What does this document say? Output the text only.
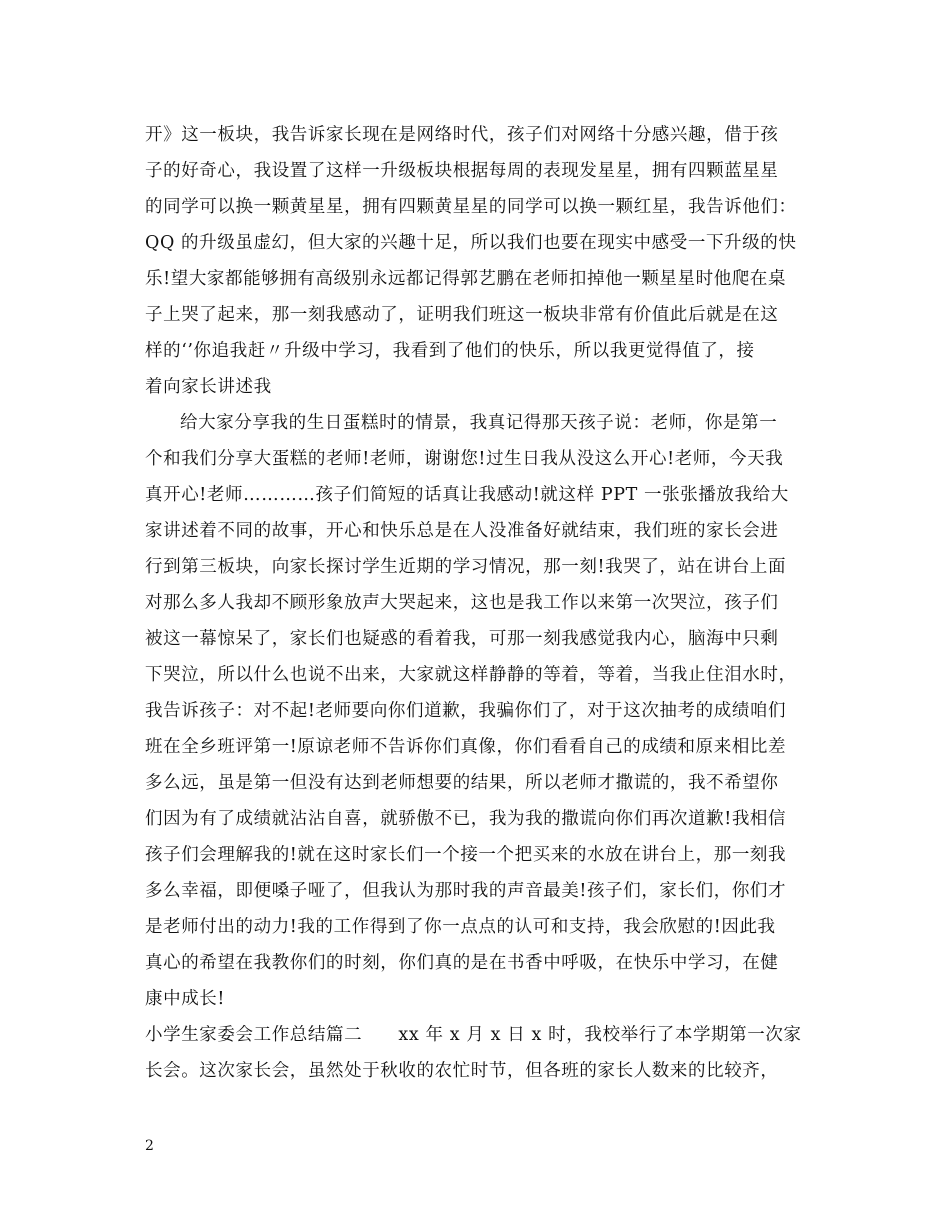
开》这一板块，我告诉家长现在是网络时代，孩子们对网络十分感兴趣，借于孩
子的好奇心，我设置了这样一升级板块根据每周的表现发星星，拥有四颗蓝星星
的同学可以换一颗黄星星，拥有四颗黄星星的同学可以换一颗红星，我告诉他们：
QQ 的升级虽虚幻，但大家的兴趣十足，所以我们也要在现实中感受一下升级的快
乐!望大家都能够拥有高级别永远都记得郭艺鹏在老师扣掉他一颗星星时他爬在桌
子上哭了起来，那一刻我感动了，证明我们班这一板块非常有价值此后就是在这
样的‘’你追我赶〃升级中学习，我看到了他们的快乐，所以我更觉得值了，接
着向家长讲述我
给大家分享我的生日蛋糕时的情景，我真记得那天孩子说：老师，你是第一
个和我们分享大蛋糕的老师!老师，谢谢您!过生日我从没这么开心!老师，今天我
真开心!老师…………孩子们简短的话真让我感动!就这样 PPT 一张张播放我给大
家讲述着不同的故事，开心和快乐总是在人没准备好就结束，我们班的家长会进
行到第三板块，向家长探讨学生近期的学习情况，那一刻!我哭了，站在讲台上面
对那么多人我却不顾形象放声大哭起来，这也是我工作以来第一次哭泣，孩子们
被这一幕惊呆了，家长们也疑惑的看着我，可那一刻我感觉我内心，脑海中只剩
下哭泣，所以什么也说不出来，大家就这样静静的等着，等着，当我止住泪水时，
我告诉孩子：对不起!老师要向你们道歉，我骗你们了，对于这次抽考的成绩咱们
班在全乡班评第一!原谅老师不告诉你们真像，你们看看自己的成绩和原来相比差
多么远，虽是第一但没有达到老师想要的结果，所以老师才撒谎的，我不希望你
们因为有了成绩就沾沾自喜，就骄傲不已，我为我的撒谎向你们再次道歉!我相信
孩子们会理解我的!就在这时家长们一个接一个把买来的水放在讲台上，那一刻我
多么幸福，即便嗓子哑了，但我认为那时我的声音最美!孩子们，家长们，你们才
是老师付出的动力!我的工作得到了你一点点的认可和支持，我会欣慰的!因此我
真心的希望在我教你们的时刻，你们真的是在书香中呼吸，在快乐中学习，在健
康中成长!
小学生家委会工作总结篇二　　xx 年 x 月 x 日 x 时，我校举行了本学期第一次家
长会。这次家长会，虽然处于秋收的农忙时节，但各班的家长人数来的比较齐，
2
